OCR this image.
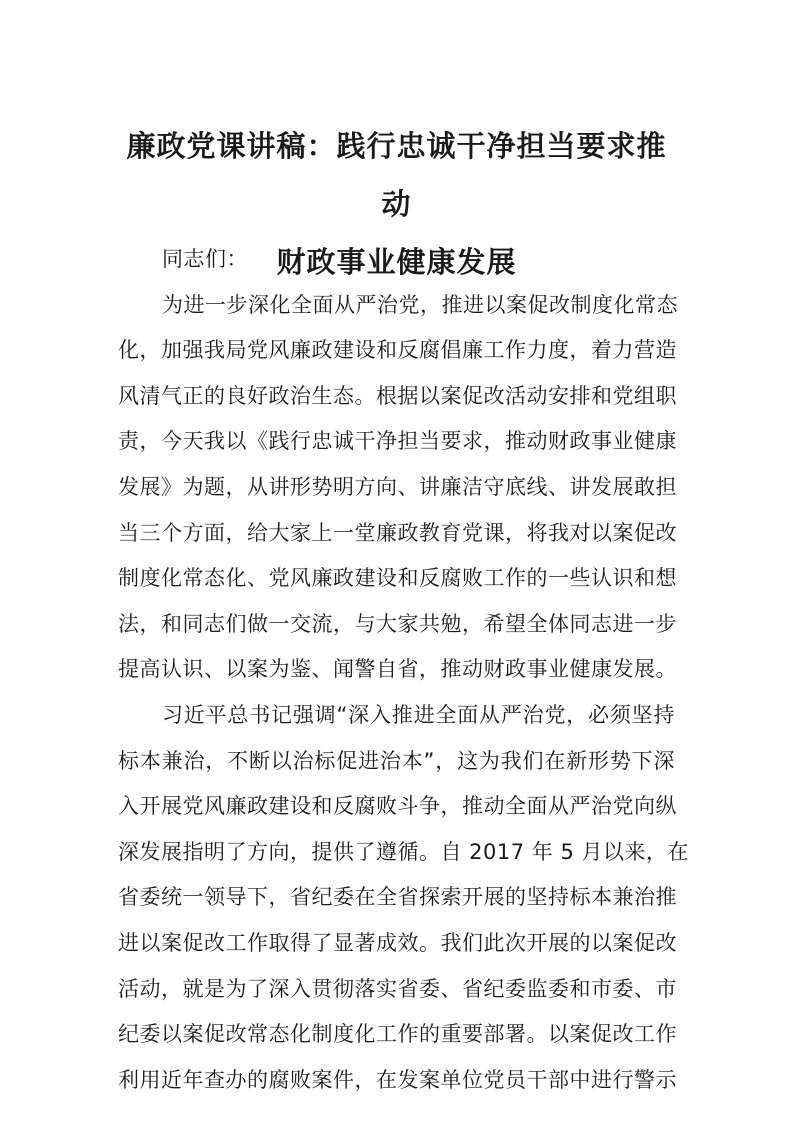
廉政党课讲稿：践行忠诚干净担当要求推动
财政事业健康发展
同志们：
为进一步深化全面从严治党，推进以案促改制度化常态
化，加强我局党风廉政建设和反腐倡廉工作力度，着力营造
风清气正的良好政治生态。根据以案促改活动安排和党组职
责，今天我以《践行忠诚干净担当要求，推动财政事业健康
发展》为题，从讲形势明方向、讲廉洁守底线、讲发展敢担
当三个方面，给大家上一堂廉政教育党课，将我对以案促改
制度化常态化、党风廉政建设和反腐败工作的一些认识和想
法，和同志们做一交流，与大家共勉，希望全体同志进一步
提高认识、以案为鉴、闻警自省，推动财政事业健康发展。
习近平总书记强调“深入推进全面从严治党，必须坚持
标本兼治，不断以治标促进治本”，这为我们在新形势下深
入开展党风廉政建设和反腐败斗争，推动全面从严治党向纵
深发展指明了方向，提供了遵循。自 2017 年 5 月以来，在
省委统一领导下，省纪委在全省探索开展的坚持标本兼治推
进以案促改工作取得了显著成效。我们此次开展的以案促改
活动，就是为了深入贯彻落实省委、省纪委监委和市委、市
纪委以案促改常态化制度化工作的重要部署。以案促改工作
利用近年查办的腐败案件，在发案单位党员干部中进行警示
